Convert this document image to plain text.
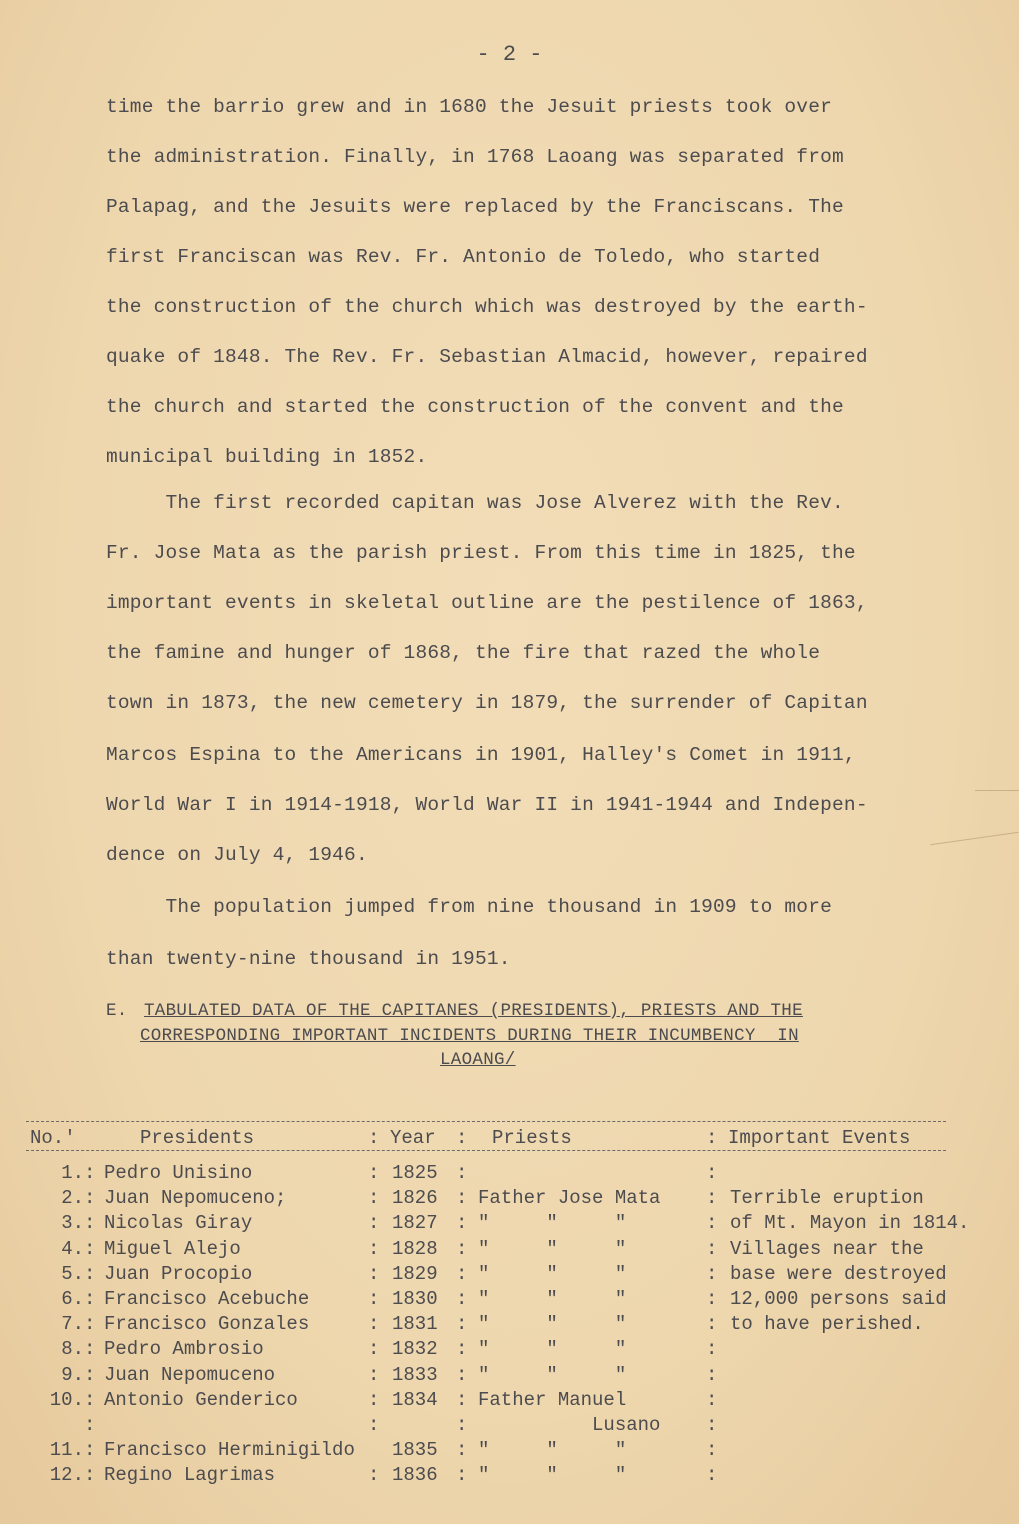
- 2 -
time the barrio grew and in 1680 the Jesuit priests took over
the administration. Finally, in 1768 Laoang was separated from
Palapag, and the Jesuits were replaced by the Franciscans. The
first Franciscan was Rev. Fr. Antonio de Toledo, who started
the construction of the church which was destroyed by the earth-
quake of 1848. The Rev. Fr. Sebastian Almacid, however, repaired
the church and started the construction of the convent and the
municipal building in 1852.
The first recorded capitan was Jose Alverez with the Rev.
Fr. Jose Mata as the parish priest. From this time in 1825, the
important events in skeletal outline are the pestilence of 1863,
the famine and hunger of 1868, the fire that razed the whole
town in 1873, the new cemetery in 1879, the surrender of Capitan
Marcos Espina to the Americans in 1901, Halley's Comet in 1911,
World War I in 1914-1918, World War II in 1941-1944 and Indepen-
dence on July 4, 1946.
The population jumped from nine thousand in 1909 to more
than twenty-nine thousand in 1951.
E. TABULATED DATA OF THE CAPITANES (PRESIDENTS), PRIESTS AND THE
CORRESPONDING IMPORTANT INCIDENTS DURING THEIR INCUMBENCY  IN
LAOANG/
No.'	Presidents	: Year : Priests	: Important Events
1. : Pedro Unisino	: 1825 :	:
2. : Juan Nepomuceno;	: 1826 : Father Jose Mata : Terrible eruption
3. : Nicolas Giray	: 1827 : "     "     "	: of Mt. Mayon in 1814.
4. : Miguel Alejo	: 1828 : "     "     "	: Villages near the
5. : Juan Procopio	: 1829 : "     "     "	: base were destroyed
6. : Francisco Acebuche	: 1830 : "     "     "	: 12,000 persons said
7. : Francisco Gonzales	: 1831 : "     "     "	: to have perished.
8. : Pedro Ambrosio	: 1832 : "     "     "	:
9. : Juan Nepomuceno	: 1833 : "     "     "	:
10. : Antonio Genderico	: 1834 : Father Manuel	:
:	:	: Lusano :
11. : Francisco Herminigildo 1835 : "     "     "	:
12. : Regino Lagrimas	: 1836 : "     "     "	:
